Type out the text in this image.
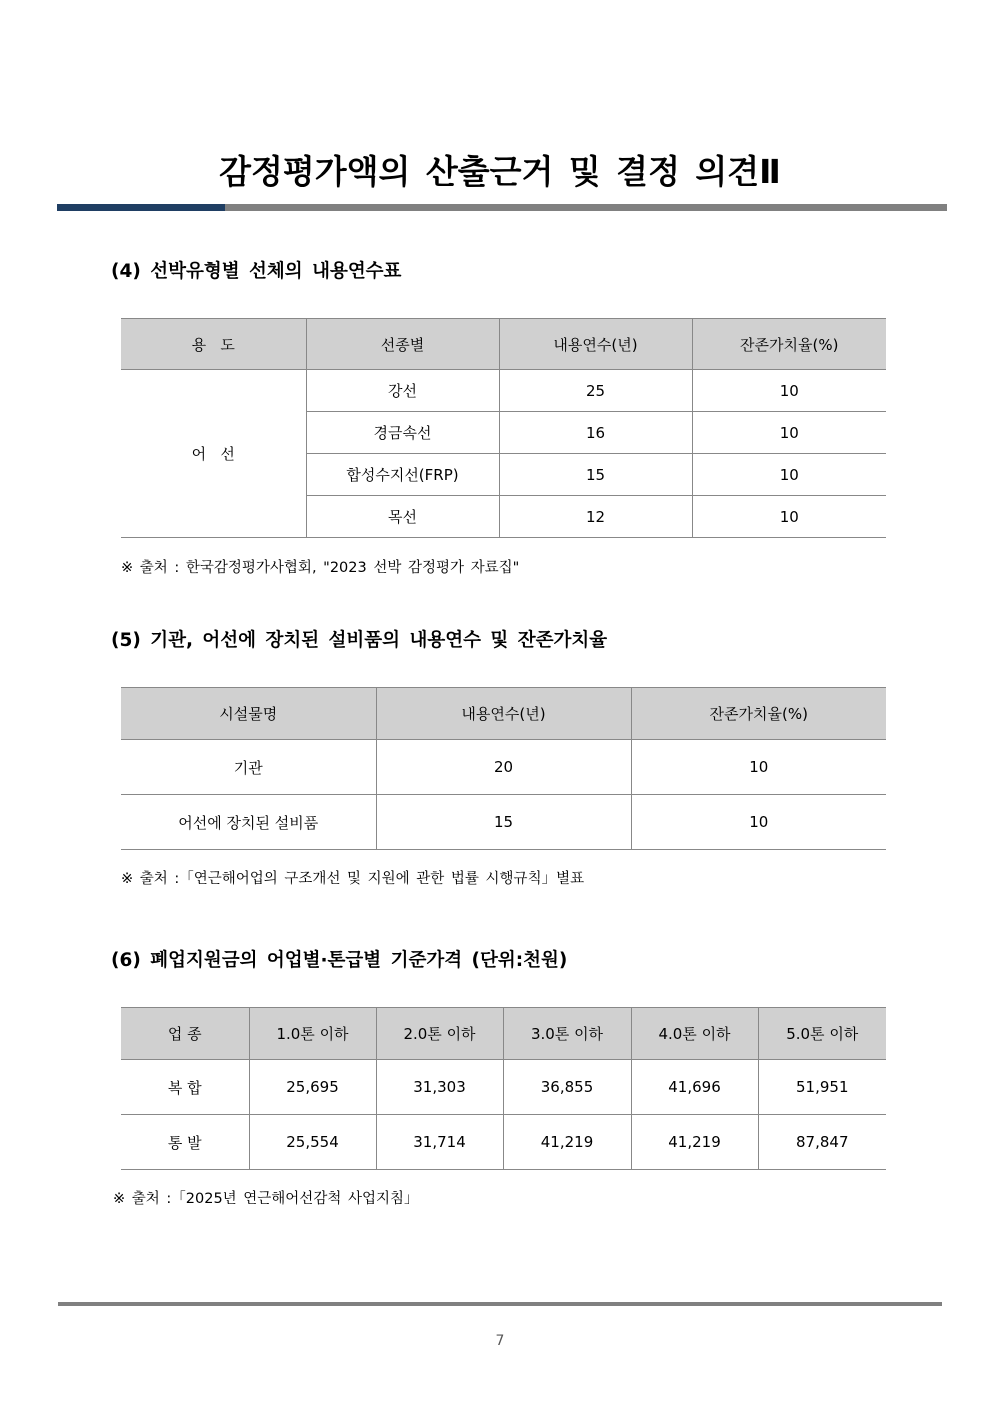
감정평가액의 산출근거 및 결정 의견Ⅱ
(4) 선박유형별 선체의 내용연수표
용   도	선종별	내용연수(년)	잔존가치율(%)
어   선	강선	25	10
	경금속선	16	10
	합성수지선(FRP)	15	10
	목선	12	10
※ 출처 : 한국감정평가사협회, "2023 선박 감정평가 자료집"
(5) 기관, 어선에 장치된 설비품의 내용연수 및 잔존가치율
시설물명	내용연수(년)	잔존가치율(%)
기관	20	10
어선에 장치된 설비품	15	10
※ 출처 :「연근해어업의 구조개선 및 지원에 관한 법률 시행규칙」별표
(6) 폐업지원금의 어업별·톤급별 기준가격 (단위:천원)
업 종	1.0톤 이하	2.0톤 이하	3.0톤 이하	4.0톤 이하	5.0톤 이하
복 합	25,695	31,303	36,855	41,696	51,951
통 발	25,554	31,714	41,219	41,219	87,847
※ 출처 :「2025년 연근해어선감척 사업지침」
7
